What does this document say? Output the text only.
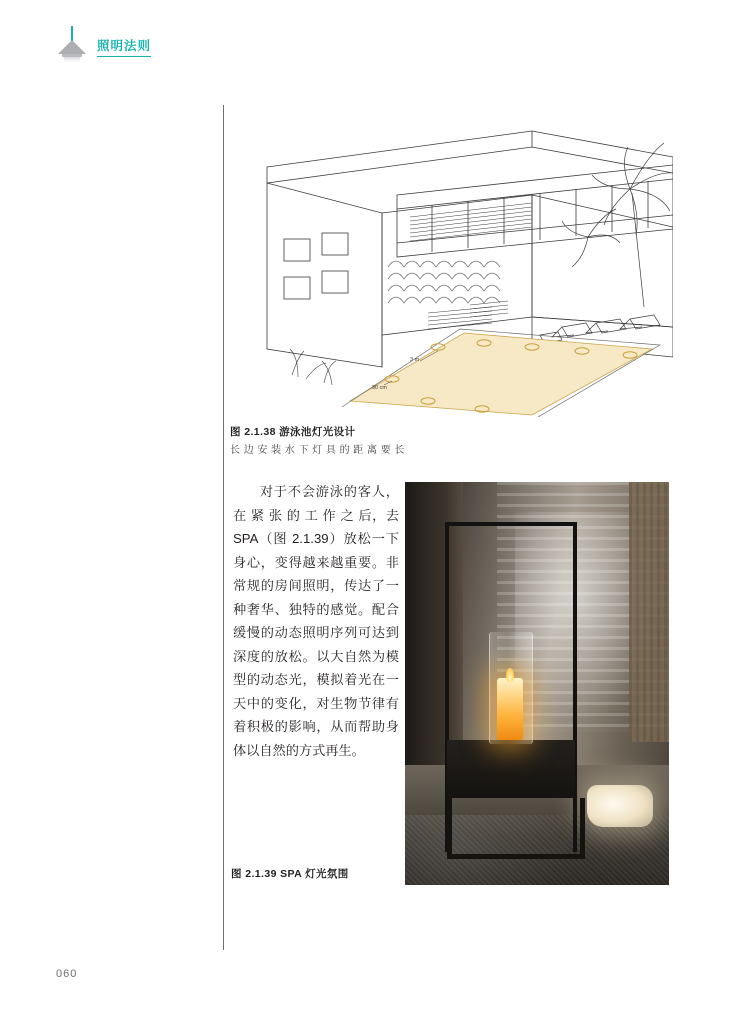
照明法则
3 m
30 cm
图 2.1.38 游泳池灯光设计
长 边 安 装 水 下 灯 具 的 距 离 要 长
对于不会游泳的客人，在 紧 张 的 工 作 之 后，去 SPA（图 2.1.39）放松一下身心，变得越来越重要。非常规的房间照明，传达了一种奢华、独特的感觉。配合缓慢的动态照明序列可达到深度的放松。以大自然为模型的动态光，模拟着光在一天中的变化，对生物节律有着积极的影响，从而帮助身体以自然的方式再生。
图 2.1.39 SPA 灯光氛围
060
